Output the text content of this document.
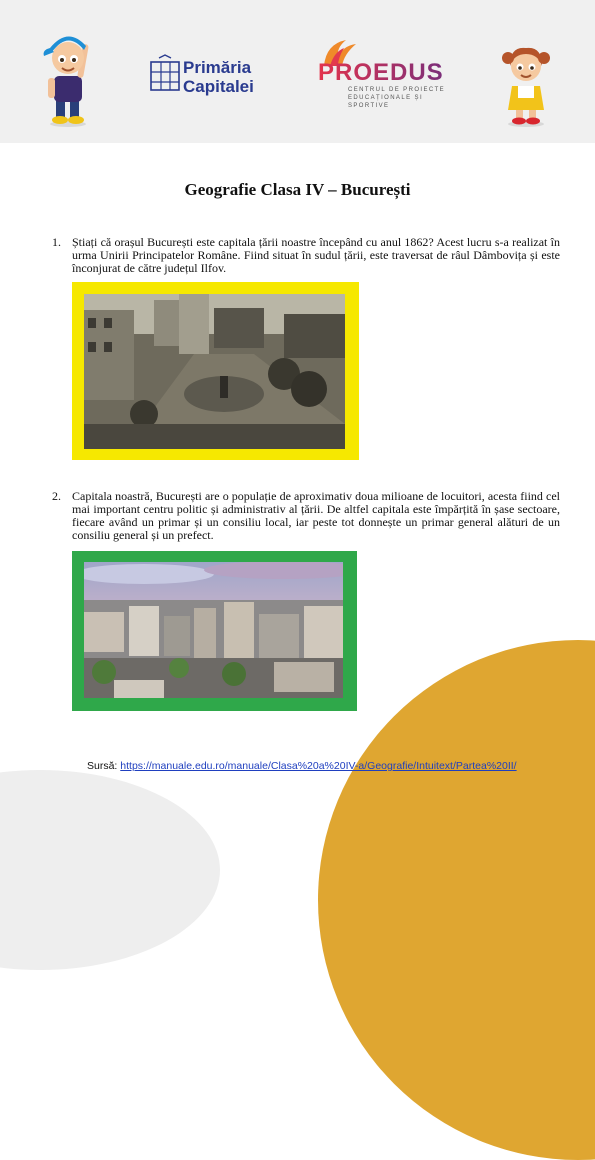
Primăria
Capitalei
PROEDUS
CENTRUL DE PROIECTE EDUCAȚIONALE ȘI SPORTIVE
Geografie Clasa IV – București
1. Știați că orașul București este capitala țării noastre începând cu anul 1862? Acest lucru s-a realizat în urma Unirii Principatelor Române. Fiind situat în sudul țării, este traversat de râul Dâmbovița și este înconjurat de către județul Ilfov.
2. Capitala noastră, București are o populație de aproximativ doua milioane de locuitori, acesta fiind cel mai important centru politic și administrativ al țării. De altfel capitala este împărțită în șase sectoare, fiecare având un primar și un consiliu local, iar peste tot donnește un primar general alături de un consiliu general și un prefect.
Sursă: https://manuale.edu.ro/manuale/Clasa%20a%20IV-a/Geografie/Intuitext/Partea%20II/
